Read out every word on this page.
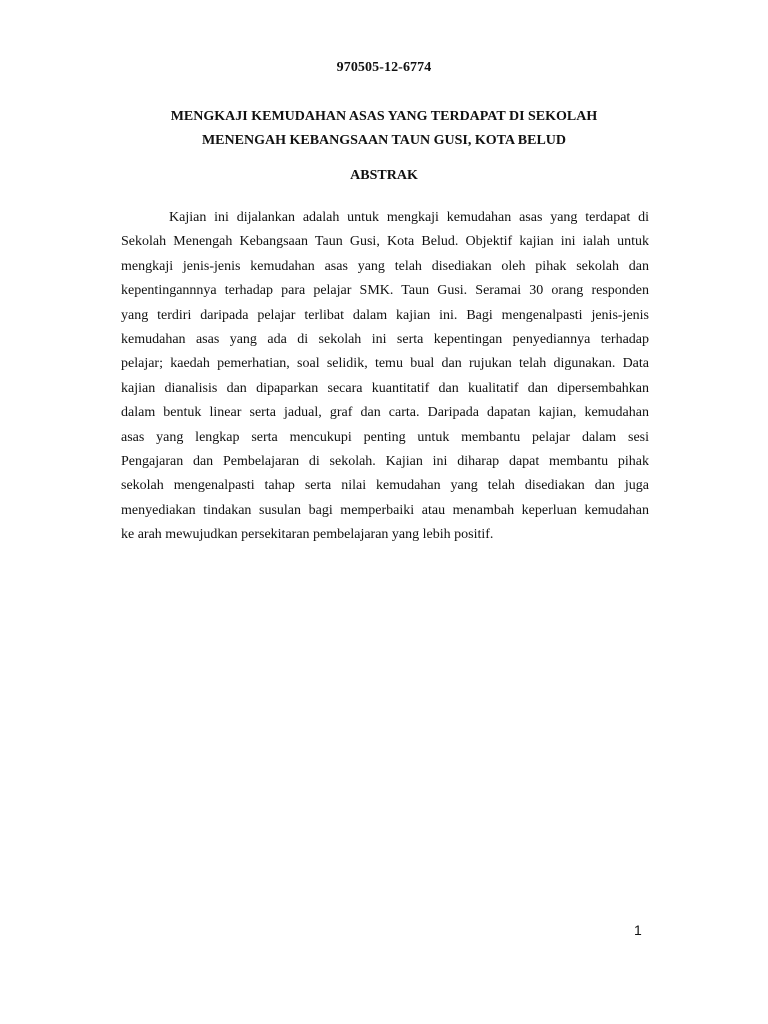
970505-12-6774
MENGKAJI KEMUDAHAN ASAS YANG TERDAPAT DI SEKOLAH
MENENGAH KEBANGSAAN TAUN GUSI, KOTA BELUD
ABSTRAK
Kajian ini dijalankan adalah untuk mengkaji kemudahan asas yang terdapat di
Sekolah Menengah Kebangsaan Taun Gusi, Kota Belud. Objektif kajian ini ialah untuk
mengkaji jenis-jenis kemudahan asas yang telah disediakan oleh pihak sekolah dan
kepentingannnya terhadap para pelajar SMK. Taun Gusi. Seramai 30 orang responden
yang terdiri daripada pelajar terlibat dalam kajian ini. Bagi mengenalpasti jenis-jenis
kemudahan asas yang ada di sekolah ini serta kepentingan penyediannya terhadap
pelajar; kaedah pemerhatian, soal selidik, temu bual dan rujukan telah digunakan. Data
kajian dianalisis dan dipaparkan secara kuantitatif dan kualitatif dan dipersembahkan
dalam bentuk linear serta jadual, graf dan carta. Daripada dapatan kajian, kemudahan
asas yang lengkap serta mencukupi penting untuk membantu pelajar dalam sesi
Pengajaran dan Pembelajaran di sekolah. Kajian ini diharap dapat membantu pihak
sekolah mengenalpasti tahap serta nilai kemudahan yang telah disediakan dan juga
menyediakan tindakan susulan bagi memperbaiki atau menambah keperluan kemudahan
ke arah mewujudkan persekitaran pembelajaran yang lebih positif.
1
